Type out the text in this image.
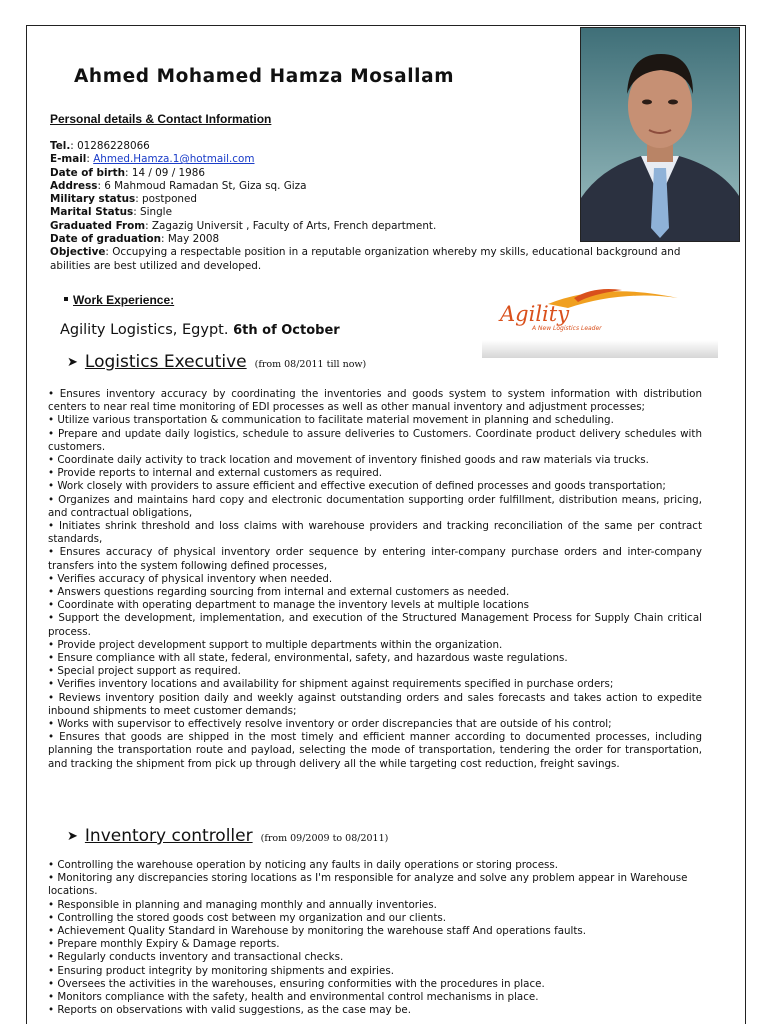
Ahmed Mohamed Hamza Mosallam
Personal details & Contact Information
Tel.: 01286228066
E-mail: Ahmed.Hamza.1@hotmail.com
Date of birth: 14 / 09 / 1986
Address: 6 Mahmoud Ramadan St, Giza sq. Giza
Military status: postponed
Marital Status: Single
Graduated From: Zagazig Universit , Faculty of Arts, French department.
Date of graduation: May 2008
Objective: Occupying a respectable position in a reputable organization whereby my skills, educational background and abilities are best utilized and developed.
Work Experience:
Agility
A New Logistics Leader
Agility Logistics, Egypt. 6th of October
➤ Logistics Executive (from 08/2011 till now)
• Ensures inventory accuracy by coordinating the inventories and goods system to system information with distribution centers to near real time monitoring of EDI processes as well as other manual inventory and adjustment processes;
• Utilize various transportation & communication to facilitate material movement in planning and scheduling.
• Prepare and update daily logistics, schedule to assure deliveries to Customers. Coordinate product delivery schedules with customers.
• Coordinate daily activity to track location and movement of inventory finished goods and raw materials via trucks.
• Provide reports to internal and external customers as required.
• Work closely with providers to assure efficient and effective execution of defined processes and goods transportation;
• Organizes and maintains hard copy and electronic documentation supporting order fulfillment, distribution means, pricing, and contractual obligations,
• Initiates shrink threshold and loss claims with warehouse providers and tracking reconciliation of the same per contract standards,
• Ensures accuracy of physical inventory order sequence by entering inter-company purchase orders and inter-company transfers into the system following defined processes,
• Verifies accuracy of physical inventory when needed.
• Answers questions regarding sourcing from internal and external customers as needed.
• Coordinate with operating department to manage the inventory levels at multiple locations
• Support the development, implementation, and execution of the Structured Management Process for Supply Chain critical process.
• Provide project development support to multiple departments within the organization.
• Ensure compliance with all state, federal, environmental, safety, and hazardous waste regulations.
• Special project support as required.
• Verifies inventory locations and availability for shipment against requirements specified in purchase orders;
• Reviews inventory position daily and weekly against outstanding orders and sales forecasts and takes action to expedite inbound shipments to meet customer demands;
• Works with supervisor to effectively resolve inventory or order discrepancies that are outside of his control;
• Ensures that goods are shipped in the most timely and efficient manner according to documented processes, including planning the transportation route and payload, selecting the mode of transportation, tendering the order for transportation, and tracking the shipment from pick up through delivery all the while targeting cost reduction, freight savings.
➤ Inventory controller (from 09/2009 to 08/2011)
• Controlling the warehouse operation by noticing any faults in daily operations or storing process.
• Monitoring any discrepancies storing locations as I'm responsible for analyze and solve any problem appear in Warehouse locations.
• Responsible in planning and managing monthly and annually inventories.
• Controlling the stored goods cost between my organization and our clients.
• Achievement Quality Standard in Warehouse by monitoring the warehouse staff And operations faults.
• Prepare monthly Expiry & Damage reports.
• Regularly conducts inventory and transactional checks.
• Ensuring product integrity by monitoring shipments and expiries.
• Oversees the activities in the warehouses, ensuring conformities with the procedures in place.
• Monitors compliance with the safety, health and environmental control mechanisms in place.
• Reports on observations with valid suggestions, as the case may be.
